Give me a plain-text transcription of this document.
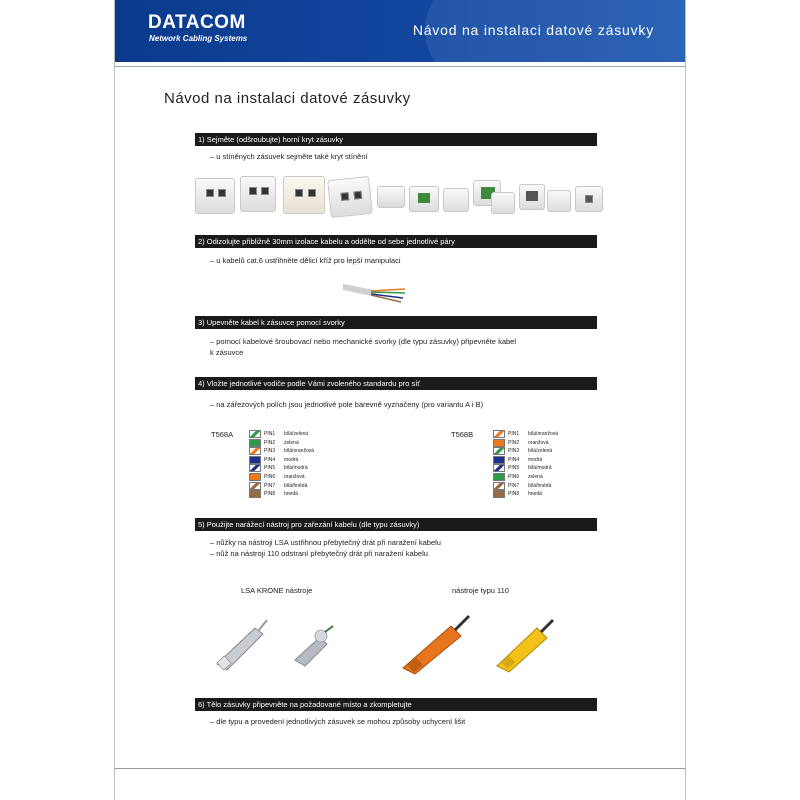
DATACOM
Network Cabling Systems
Návod na instalaci datové zásuvky
Návod na instalaci datové zásuvky
1) Sejměte (odšroubujte) horní kryt zásuvky
– u stíněných zásuvek sejměte také kryt stínění
2) Odizolujte přibližně 30mm izolace kabelu a oddělte od sebe jednotlivé páry
– u kabelů cat.6 ustřihněte dělicí kříž pro lepší manipulaci
3) Upevněte kabel k zásuvce pomocí svorky
– pomocí kabelové šroubovací nebo mechanické svorky (dle typu zásuvky) připevněte kabel
k zásuvce
4) Vložte jednotlivé vodiče podle Vámi zvoleného standardu pro síť
– na zářezových polích jsou jednotlivé pole barevně vyznačeny (pro variantu A i B)
T568A	PIN1 bílá/zelená
PIN2 zelená
PIN3 bílá/oranžová
PIN4 modrá
PIN5 bílá/modrá
PIN6 oranžová
PIN7 bílá/hnědá
PIN8 hnedá
T568B	PIN1 bílá/oranžová
PIN2 oranžová
PIN3 bílá/zelená
PIN4 modrá
PIN5 bílá/modrá
PIN6 zelená
PIN7 bílá/hnědá
PIN8 hnedá
5) Použijte narážecí nástroj pro zařezání kabelu (dle typu zásuvky)
– nůžky na nástroji LSA ustřihnou přebytečný drát při naražení kabelu
– nůž na nástroji 110 odstraní přebytečný drát při naražení kabelu
LSA KRONE nástroje	nástroje typu 110
6) Tělo zásuvky připevněte na požadované místo a zkompletujte
– dle typu a provedení jednotlivých zásuvek se mohou způsoby uchycení lišit
